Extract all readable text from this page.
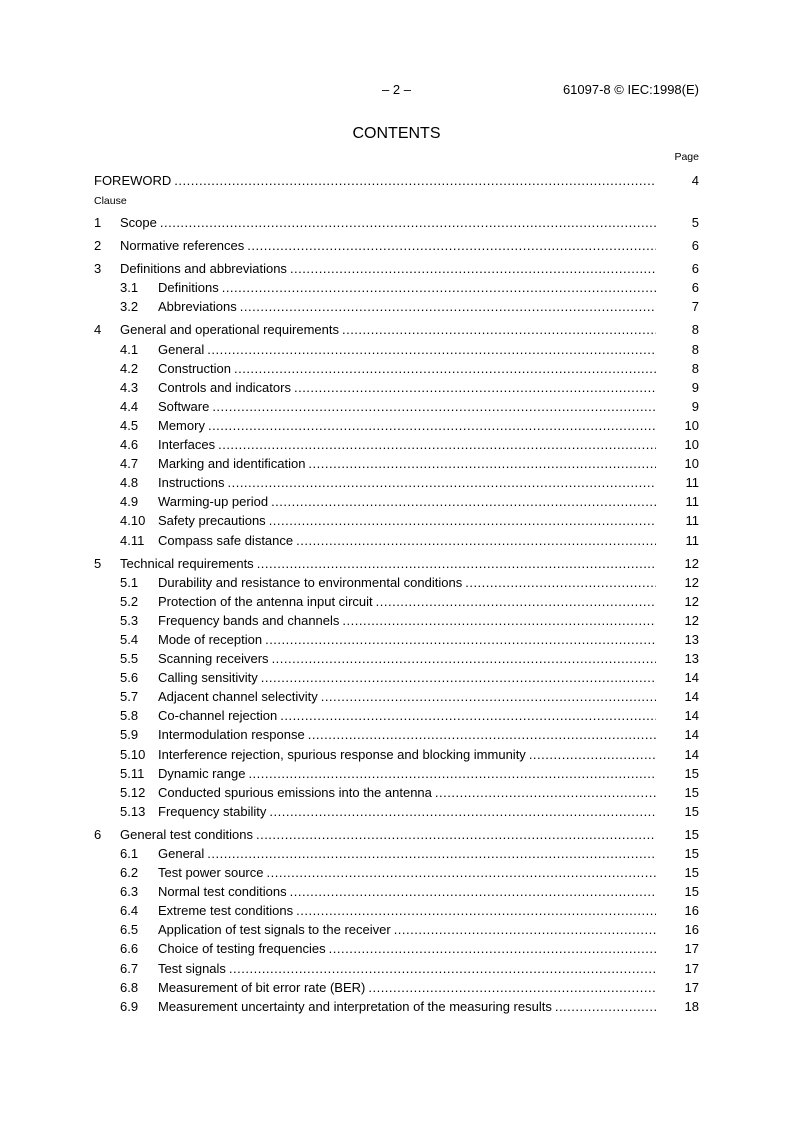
– 2 –	61097-8 © IEC:1998(E)
CONTENTS
Page
FOREWORD .....	4
Clause
1	Scope .....	5
2	Normative references .....	6
3	Definitions and abbreviations .....	6
3.1	Definitions .....	6
3.2	Abbreviations .....	7
4	General and operational requirements .....	8
4.1	General .....	8
4.2	Construction .....	8
4.3	Controls and indicators .....	9
4.4	Software .....	9
4.5	Memory .....	10
4.6	Interfaces .....	10
4.7	Marking and identification .....	10
4.8	Instructions .....	11
4.9	Warming-up period .....	11
4.10 Safety precautions .....	11
4.11	Compass safe distance .....	11
5	Technical requirements .....	12
5.1	Durability and resistance to environmental conditions .....	12
5.2	Protection of the antenna input circuit .....	12
5.3	Frequency bands and channels .....	12
5.4	Mode of reception .....	13
5.5	Scanning receivers .....	13
5.6	Calling sensitivity .....	14
5.7	Adjacent channel selectivity .....	14
5.8	Co-channel rejection .....	14
5.9	Intermodulation response .....	14
5.10 Interference rejection, spurious response and blocking immunity .....	14
5.11	Dynamic range .....	15
5.12 Conducted spurious emissions into the antenna .....	15
5.13 Frequency stability .....	15
6	General test conditions .....	15
6.1	General .....	15
6.2	Test power source .....	15
6.3	Normal test conditions .....	15
6.4	Extreme test conditions .....	16
6.5	Application of test signals to the receiver .....	16
6.6	Choice of testing frequencies .....	17
6.7	Test signals .....	17
6.8	Measurement of bit error rate (BER) .....	17
6.9	Measurement uncertainty and interpretation of the measuring results .....	18
